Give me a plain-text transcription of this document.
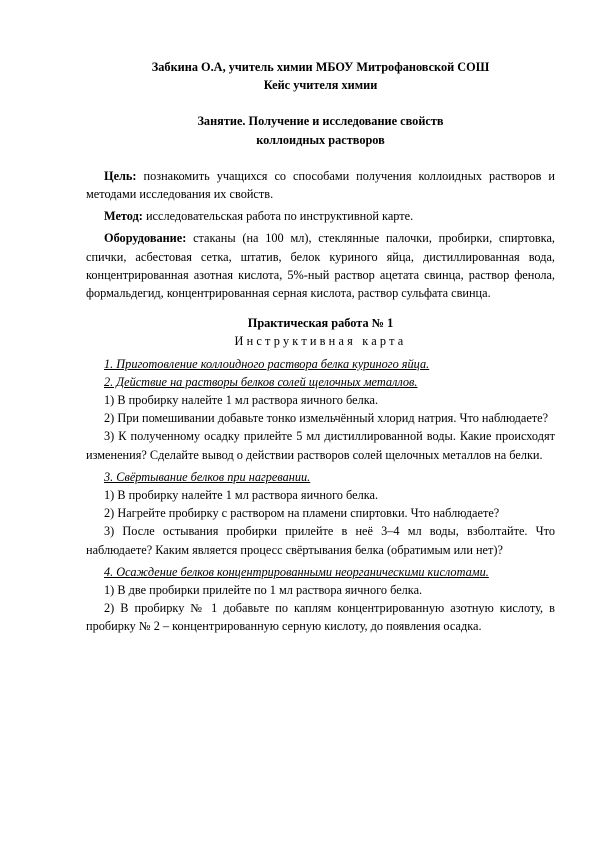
Забкина О.А, учитель химии МБОУ Митрофановской СОШ

Кейс учителя химии

Занятие. Получение и исследование свойств

коллоидных растворов

Цель: познакомить учащихся со способами получения коллоидных растворов и методами исследования их свойств.

Метод: исследовательская работа по инструктивной карте.

Оборудование: стаканы (на 100 мл), стеклянные палочки, пробирки, спиртовка, спички, асбестовая сетка, штатив, белок куриного яйца, дистиллированная вода, концентрированная азотная кислота, 5%-ный раствор ацетата свинца, раствор фенола, формальдегид, концентрированная серная кислота, раствор сульфата свинца.

Практическая работа № 1

Инструктивная карта

1. Приготовление коллоидного раствора белка куриного яйца.

2. Действие на растворы белков солей щелочных металлов.

1) В пробирку налейте 1 мл раствора яичного белка.

2) При помешивании добавьте тонко измельчённый хлорид натрия. Что наблюдаете?

3) К полученному осадку прилейте 5 мл дистиллированной воды. Какие происходят изменения? Сделайте вывод о действии растворов солей щелочных металлов на белки.

3. Свёртывание белков при нагревании.

1) В пробирку налейте 1 мл раствора яичного белка.

2) Нагрейте пробирку с раствором на пламени спиртовки. Что наблюдаете?

3) После остывания пробирки прилейте в неё 3–4 мл воды, взболтайте. Что наблюдаете? Каким является процесс свёртывания белка (обратимым или нет)?

4. Осаждение белков концентрированными неорганическими кислотами.

1) В две пробирки прилейте по 1 мл раствора яичного белка.

2) В пробирку № 1 добавьте по каплям концентрированную азотную кислоту, в пробирку № 2 – концентрированную серную кислоту, до появления осадка.
